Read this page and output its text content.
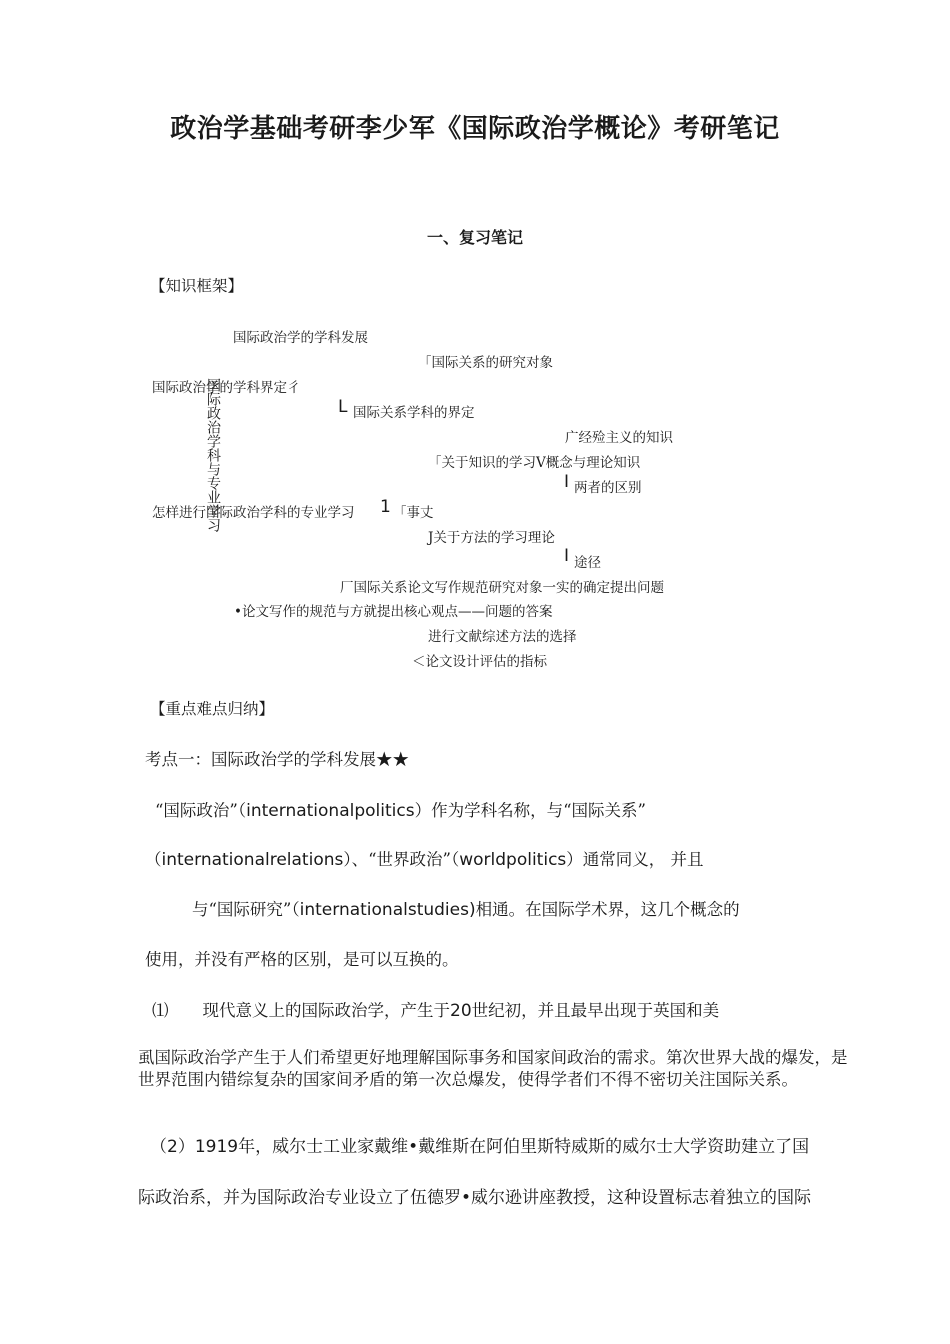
政治学基础考研李少军《国际政治学概论》考研笔记
一、复习笔记
【知识框架】
国际政治学科与专业学习
国际政治学的学科发展
「国际关系的研究对象
国际政治学的学科界定彳
L 国际关系学科的界定
广经殓主义的知识
「关于知识的学习Ⅴ概念与理论知识
I 两者的区别
怎样进行国际政治学科的专业学习 1 「事丈
J关于方法的学习理论
I 途径
厂国际关系论文写作规范研究对象一实的确定提出问题
•论文写作的规范与方就提出核心观点——问题的答案
进行文献综述方法的选择
＜论文设计评估的指标
【重点难点归纳】
考点一：国际政治学的学科发展★★
“国际政治”（internationalpolitics）作为学科名称，与“国际关系”
（internationalrelations）、“世界政治”（worldpolitics）通常同义， 并且
与“国际研究”（internationalstudies)相通。在国际学术界，这几个概念的
使用，并没有严格的区别，是可以互换的。
⑴ 现代意义上的国际政治学，产生于20世纪初，并且最早出现于英国和美
虱国际政治学产生于人们希望更好地理解国际事务和国家间政治的需求。第次世界大战的爆发，是世界范围内错综复杂的国家间矛盾的第一次总爆发，使得学者们不得不密切关注国际关系。
（2）1919年，威尔士工业家戴维•戴维斯在阿伯里斯特威斯的威尔士大学资助建立了国
际政治系，并为国际政治专业设立了伍德罗•威尔逊讲座教授，这种设置标志着独立的国际
